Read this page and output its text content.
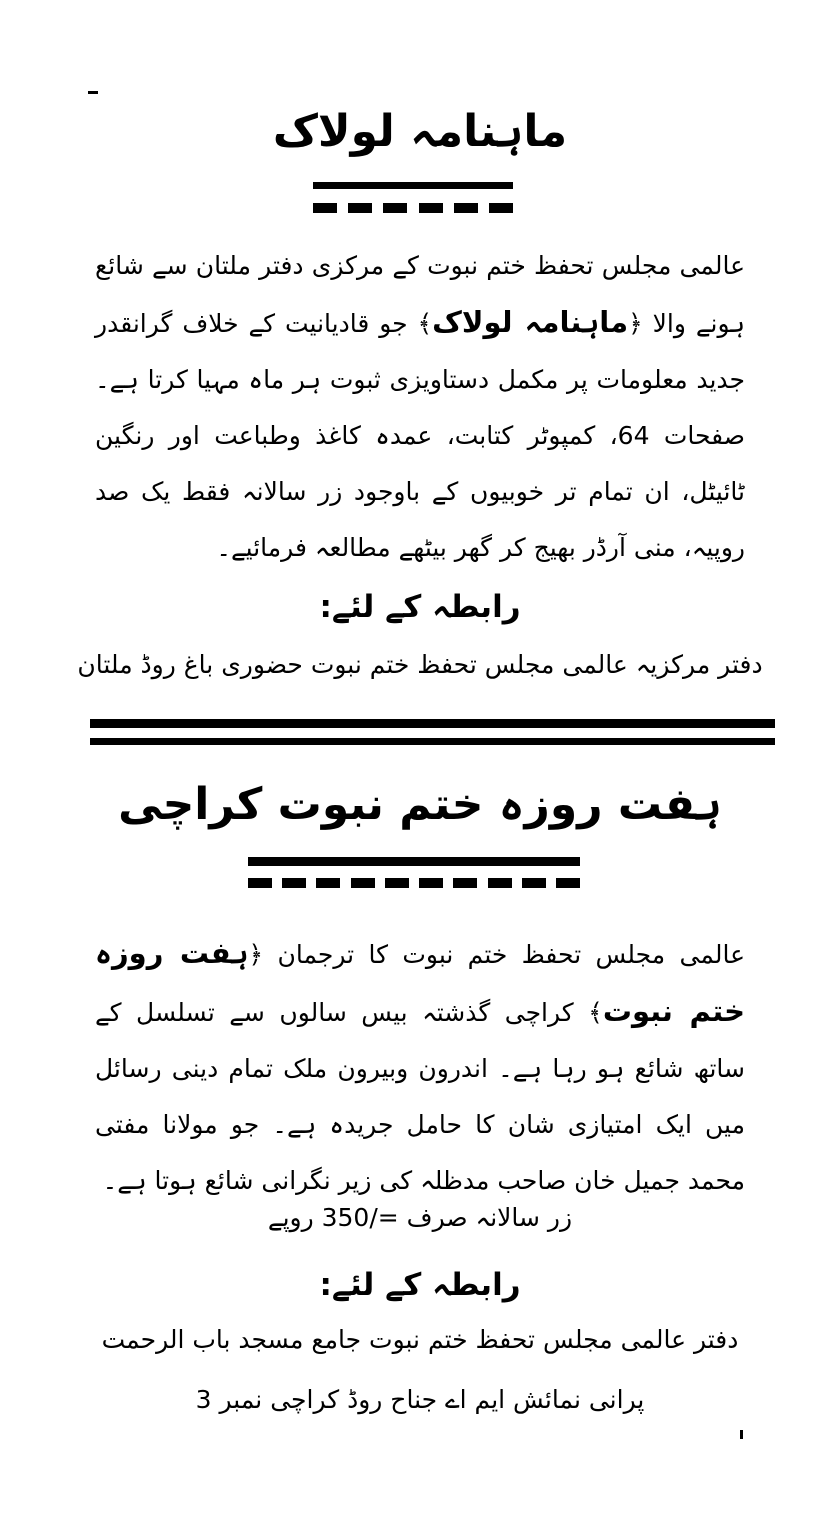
ماہنامہ لولاک

عالمی مجلس تحفظ ختم نبوت کے مرکزی دفتر ملتان سے شائع ہونے والا ﴿ماہنامہ لولاک﴾ جو قادیانیت کے خلاف گرانقدر جدید معلومات پر مکمل دستاویزی ثبوت ہر ماہ مہیا کرتا ہے۔ صفحات 64، کمپوٹر کتابت، عمدہ کاغذ وطباعت اور رنگین ٹائیٹل، ان تمام تر خوبیوں کے باوجود زر سالانہ فقط یک صد روپیہ، منی آرڈر بھیج کر گھر بیٹھے مطالعہ فرمائیے۔

رابطہ کے لئے:
دفتر مرکزیہ عالمی مجلس تحفظ ختم نبوت حضوری باغ روڈ ملتان
ہفت روزہ ختم نبوت کراچی

عالمی مجلس تحفظ ختم نبوت کا ترجمان ﴿ہفت روزہ ختم نبوت﴾ کراچی گذشتہ بیس سالوں سے تسلسل کے ساتھ شائع ہو رہا ہے۔ اندرون وبیرون ملک تمام دینی رسائل میں ایک امتیازی شان کا حامل جریدہ ہے۔ جو مولانا مفتی محمد جمیل خان صاحب مدظلہ کی زیر نگرانی شائع ہوتا ہے۔

زر سالانہ صرف =/350 روپے
رابطہ کے لئے:
دفتر عالمی مجلس تحفظ ختم نبوت جامع مسجد باب الرحمت
پرانی نمائش ایم اے جناح روڈ کراچی نمبر 3
